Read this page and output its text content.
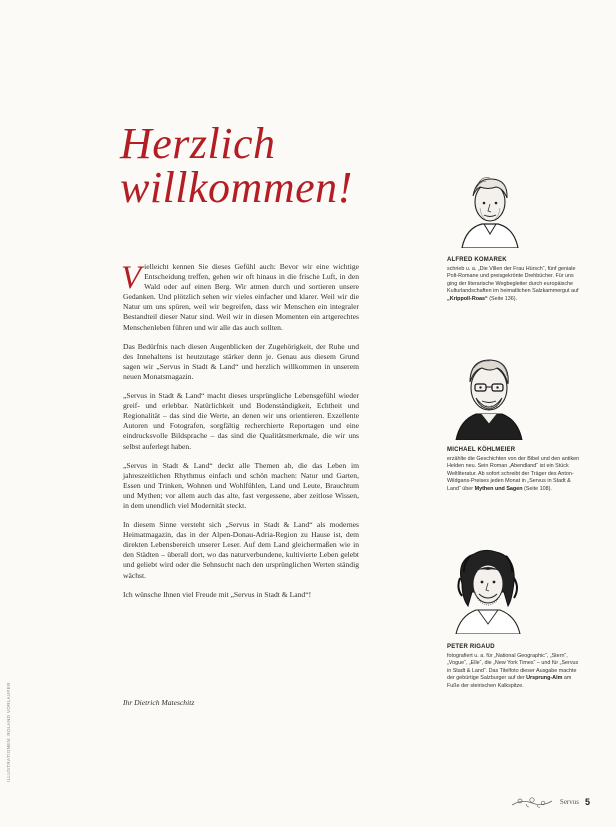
Herzlich
willkommen!

Vielleicht kennen Sie dieses Gefühl auch: Bevor wir eine wichtige Entscheidung treffen, gehen wir oft hinaus in die frische Luft, in den Wald oder auf einen Berg. Wir atmen durch und sortieren unsere Gedanken. Und plötzlich sehen wir vieles einfacher und klarer. Weil wir die Natur um uns spüren, weil wir begreifen, dass wir Menschen ein integraler Bestandteil dieser Natur sind. Weil wir in diesen Momenten ein artgerechtes Menschenleben führen und wir alle das auch sollten.

Das Bedürfnis nach diesen Augenblicken der Zugehörigkeit, der Ruhe und des Innehaltens ist heutzutage stärker denn je. Genau aus diesem Grund sagen wir „Servus in Stadt & Land“ und herzlich willkommen in unserem neuen Monatsmagazin.

„Servus in Stadt & Land“ macht dieses ursprüngliche Lebensgefühl wieder greif- und erlebbar. Natürlichkeit und Bodenständigkeit, Echtheit und Regionalität – das sind die Werte, an denen wir uns orientieren. Exzellente Autoren und Fotografen, sorgfältig recherchierte Reportagen und eine eindrucksvolle Bildsprache – das sind die Qualitätsmerkmale, die wir uns selbst auferlegt haben.

„Servus in Stadt & Land“ deckt alle Themen ab, die das Leben im jahreszeitlichen Rhythmus einfach und schön machen: Natur und Garten, Essen und Trinken, Wohnen und Wohlfühlen, Land und Leute, Brauchtum und Mythen; vor allem auch das alte, fast vergessene, aber zeitlose Wissen, in dem unendlich viel Modernität steckt.

In diesem Sinne versteht sich „Servus in Stadt & Land“ als modernes Heimatmagazin, das in der Alpen-Donau-Adria-Region zu Hause ist, dem direkten Lebensbereich unserer Leser. Auf dem Land gleichermaßen wie in den Städten – überall dort, wo das naturverbundene, kultivierte Leben gelebt und geliebt wird oder die Sehnsucht nach den ursprünglichen Werten ständig wächst.

Ich wünsche Ihnen viel Freude mit „Servus in Stadt & Land“!

Ihr Dietrich Mateschitz
ILLUSTRATIONEN: ROLAND VORLAUFER
ALFRED KOMAREK
schrieb u. a. „Die Villen der Frau Hürsch“, fünf geniale Polt-Romane und preisgekrönte Drehbücher. Für uns ging der literarische Wegbegleiter durch europäische Kulturlandschaften im heimatlichen Salzkammergut auf „Krippoll-Roas“ (Seite 136).
MICHAEL KÖHLMEIER
erzählte die Geschichten von der Bibel und den antiken Helden neu. Sein Roman „Abendland“ ist ein Stück Weltliteratur. Ab sofort schreibt der Träger des Anton-Wildgans-Preises jeden Monat in „Servus in Stadt & Land“ über Mythen und Sagen (Seite 108).
PETER RIGAUD
fotografiert u. a. für „National Geographic“, „Stern“, „Vogue“, „Elle“, die „New York Times“ – und für „Servus in Stadt & Land“. Das Titelfoto dieser Ausgabe machte der gebürtige Salzburger auf der Ursprung-Alm am Fuße der steirischen Kalkspitze.
Servus 5
